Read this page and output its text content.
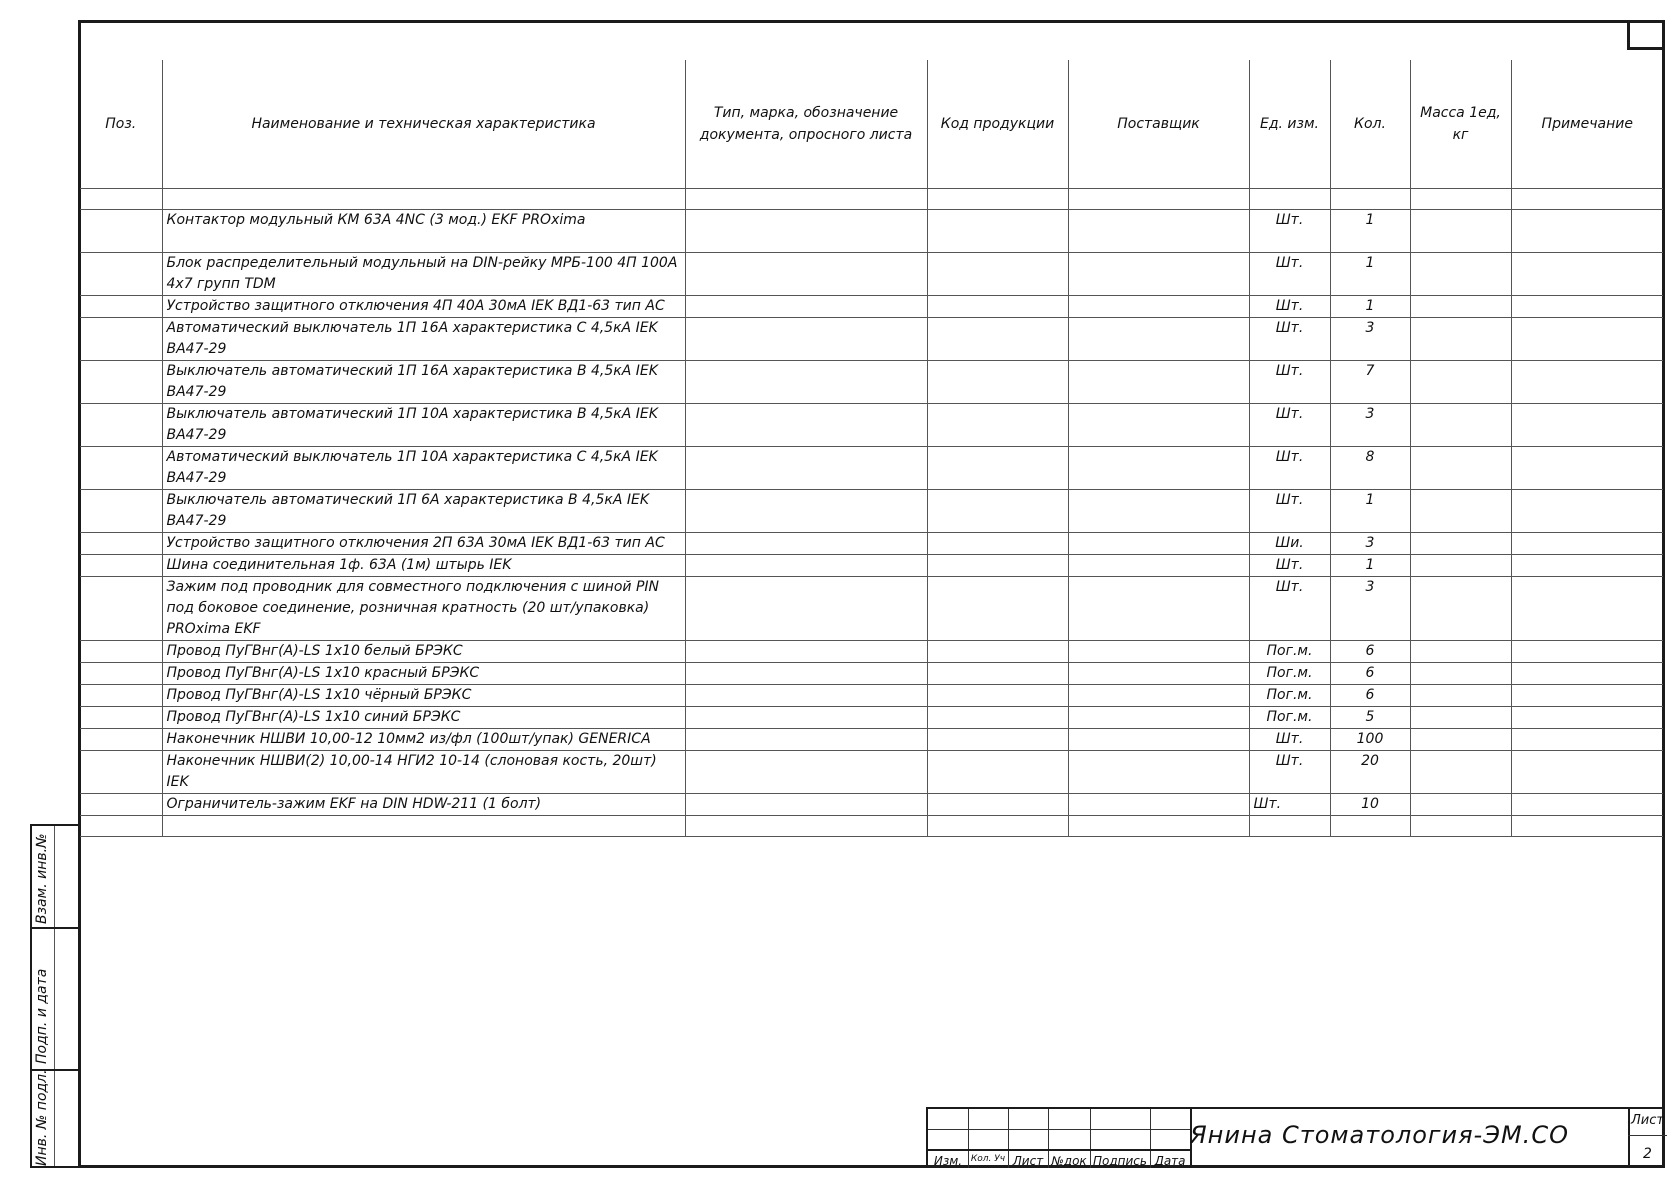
Поз.	Наименование и техническая характеристика	Тип, марка, обозначение документа, опросного листа	Код продукции	Поставщик	Ед. изм.	Кол.	Масса 1ед, кг	Примечание

	Контактор модульный КМ 63А 4NC (3 мод.) EKF PROxima				Шт.	1		
	Блок распределительный модульный на DIN-рейку МРБ-100 4П 100А 4х7 групп TDM				Шт.	1		
	Устройство защитного отключения 4П 40А 30мА IEK ВД1-63 тип АС				Шт.	1		
	Автоматический выключатель 1П 16А характеристика С 4,5кА IEK ВА47-29				Шт.	3		
	Выключатель автоматический 1П 16А характеристика В 4,5кА IEK ВА47-29				Шт.	7		
	Выключатель автоматический 1П 10А характеристика В 4,5кА IEK ВА47-29				Шт.	3		
	Автоматический выключатель 1П 10А характеристика С 4,5кА IEK ВА47-29				Шт.	8		
	Выключатель автоматический 1П 6А характеристика В 4,5кА IEK ВА47-29				Шт.	1		
	Устройство защитного отключения 2П 63А 30мА IEK ВД1-63 тип АС				Ши.	3		
	Шина соединительная 1ф. 63А (1м) штырь IEK				Шт.	1		
	Зажим под проводник для совместного подключения с шиной PIN под боковое соединение, розничная кратность (20 шт/упаковка) PROxima EKF				Шт.	3		
	Провод ПуГВнг(А)-LS 1х10 белый БРЭКС				Пог.м.	6		
	Провод ПуГВнг(А)-LS 1х10 красный БРЭКС				Пог.м.	6		
	Провод ПуГВнг(А)-LS 1х10 чёрный БРЭКС				Пог.м.	6		
	Провод ПуГВнг(А)-LS 1х10 синий БРЭКС				Пог.м.	5		
	Наконечник НШВИ 10,00-12 10мм2 из/фл (100шт/упак) GENERICA				Шт.	100		
	Наконечник НШВИ(2) 10,00-14 НГИ2 10-14 (слоновая кость, 20шт) IEK				Шт.	20		
	Ограничитель-зажим EKF на DIN HDW-211 (1 болт)				Шт.	10		

Взам. инв.№
Подп. и дата
Инв. № подл.	Изм. Кол. Уч Лист №док Подпись Дата
Янина Стоматология-ЭМ.СО
Лист
2
